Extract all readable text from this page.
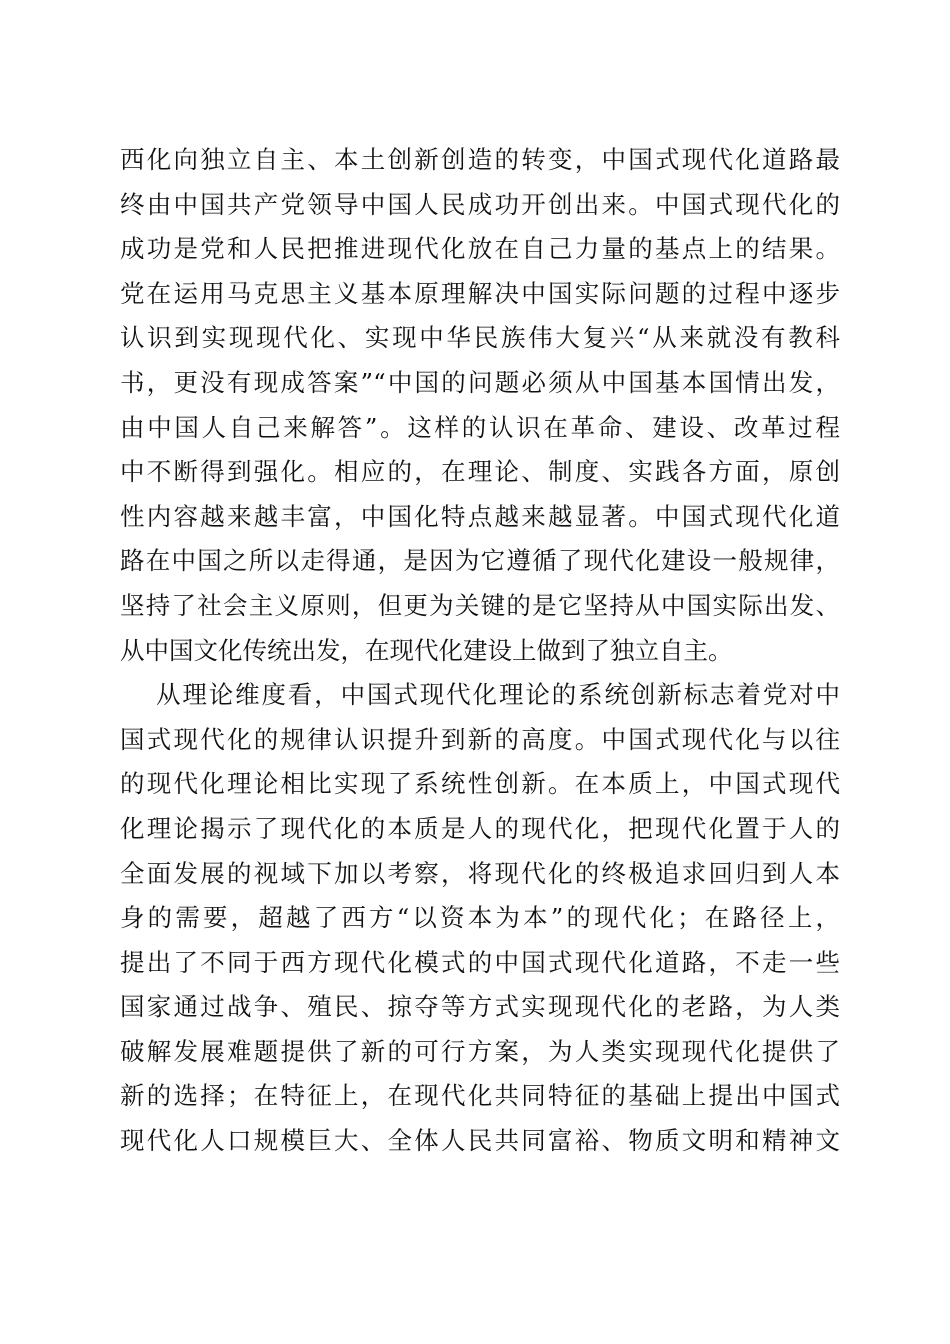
西化向独立自主、本土创新创造的转变，中国式现代化道路最
终由中国共产党领导中国人民成功开创出来。中国式现代化的
成功是党和人民把推进现代化放在自己力量的基点上的结果。
党在运用马克思主义基本原理解决中国实际问题的过程中逐步
认识到实现现代化、实现中华民族伟大复兴“从来就没有教科
书，更没有现成答案”“中国的问题必须从中国基本国情出发，
由中国人自己来解答”。这样的认识在革命、建设、改革过程
中不断得到强化。相应的，在理论、制度、实践各方面，原创
性内容越来越丰富，中国化特点越来越显著。中国式现代化道
路在中国之所以走得通，是因为它遵循了现代化建设一般规律，
坚持了社会主义原则，但更为关键的是它坚持从中国实际出发、
从中国文化传统出发，在现代化建设上做到了独立自主。
从理论维度看，中国式现代化理论的系统创新标志着党对中
国式现代化的规律认识提升到新的高度。中国式现代化与以往
的现代化理论相比实现了系统性创新。在本质上，中国式现代
化理论揭示了现代化的本质是人的现代化，把现代化置于人的
全面发展的视域下加以考察，将现代化的终极追求回归到人本
身的需要，超越了西方“以资本为本”的现代化；在路径上，
提出了不同于西方现代化模式的中国式现代化道路，不走一些
国家通过战争、殖民、掠夺等方式实现现代化的老路，为人类
破解发展难题提供了新的可行方案，为人类实现现代化提供了
新的选择；在特征上，在现代化共同特征的基础上提出中国式
现代化人口规模巨大、全体人民共同富裕、物质文明和精神文
